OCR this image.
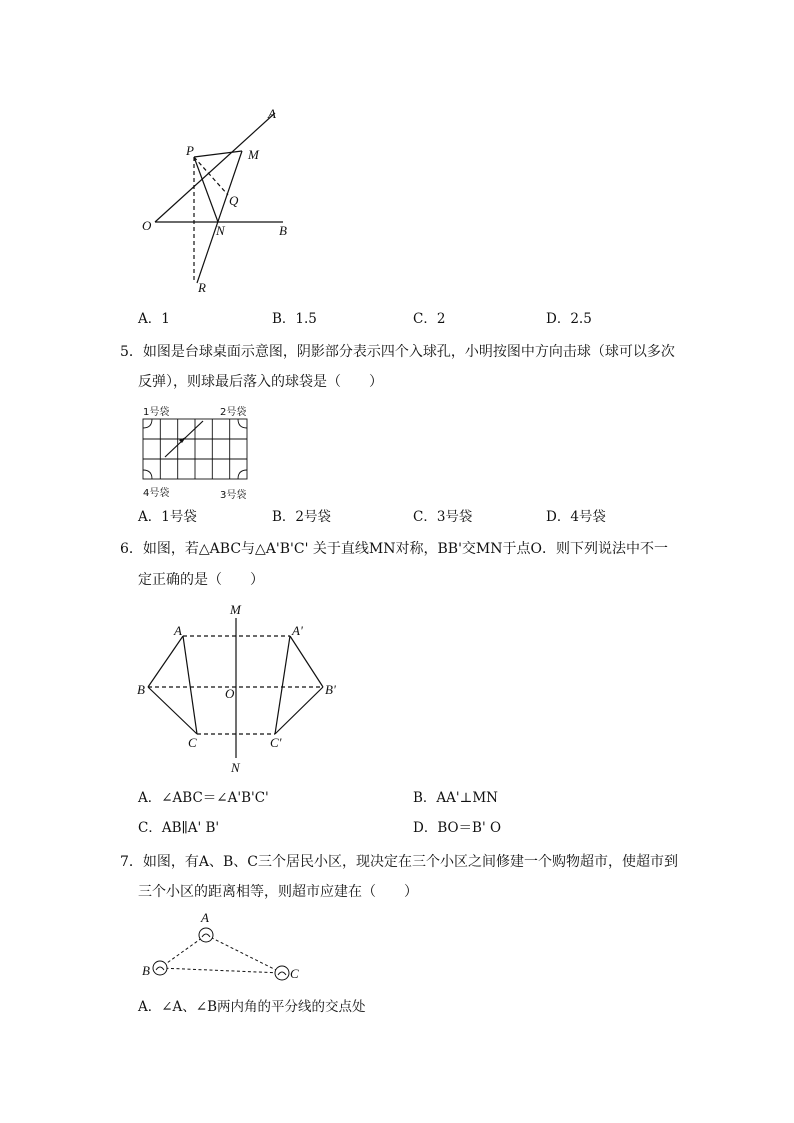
A
P	M
Q
O	N	B
R
A．1	B．1.5	C．2	D．2.5
5．如图是台球桌面示意图，阴影部分表示四个入球孔，小明按图中方向击球（球可以多次
反弹），则球最后落入的球袋是（　　）
1号袋	2号袋
4号袋	3号袋
A．1号袋	B．2号袋	C．3号袋	D．4号袋
6．如图，若△ABC与△A'B'C' 关于直线MN对称，BB'交MN于点O．则下列说法中不一
定正确的是（　　）
M
A	A'
B	O	B'
C	C'
N
A．∠ABC＝∠A'B'C'	B．AA'⊥MN
C．AB∥A' B'	D．BO＝B' O
7．如图，有A、B、C三个居民小区，现决定在三个小区之间修建一个购物超市，使超市到
三个小区的距离相等，则超市应建在（　　）
A
B	C
A．∠A、∠B两内角的平分线的交点处
